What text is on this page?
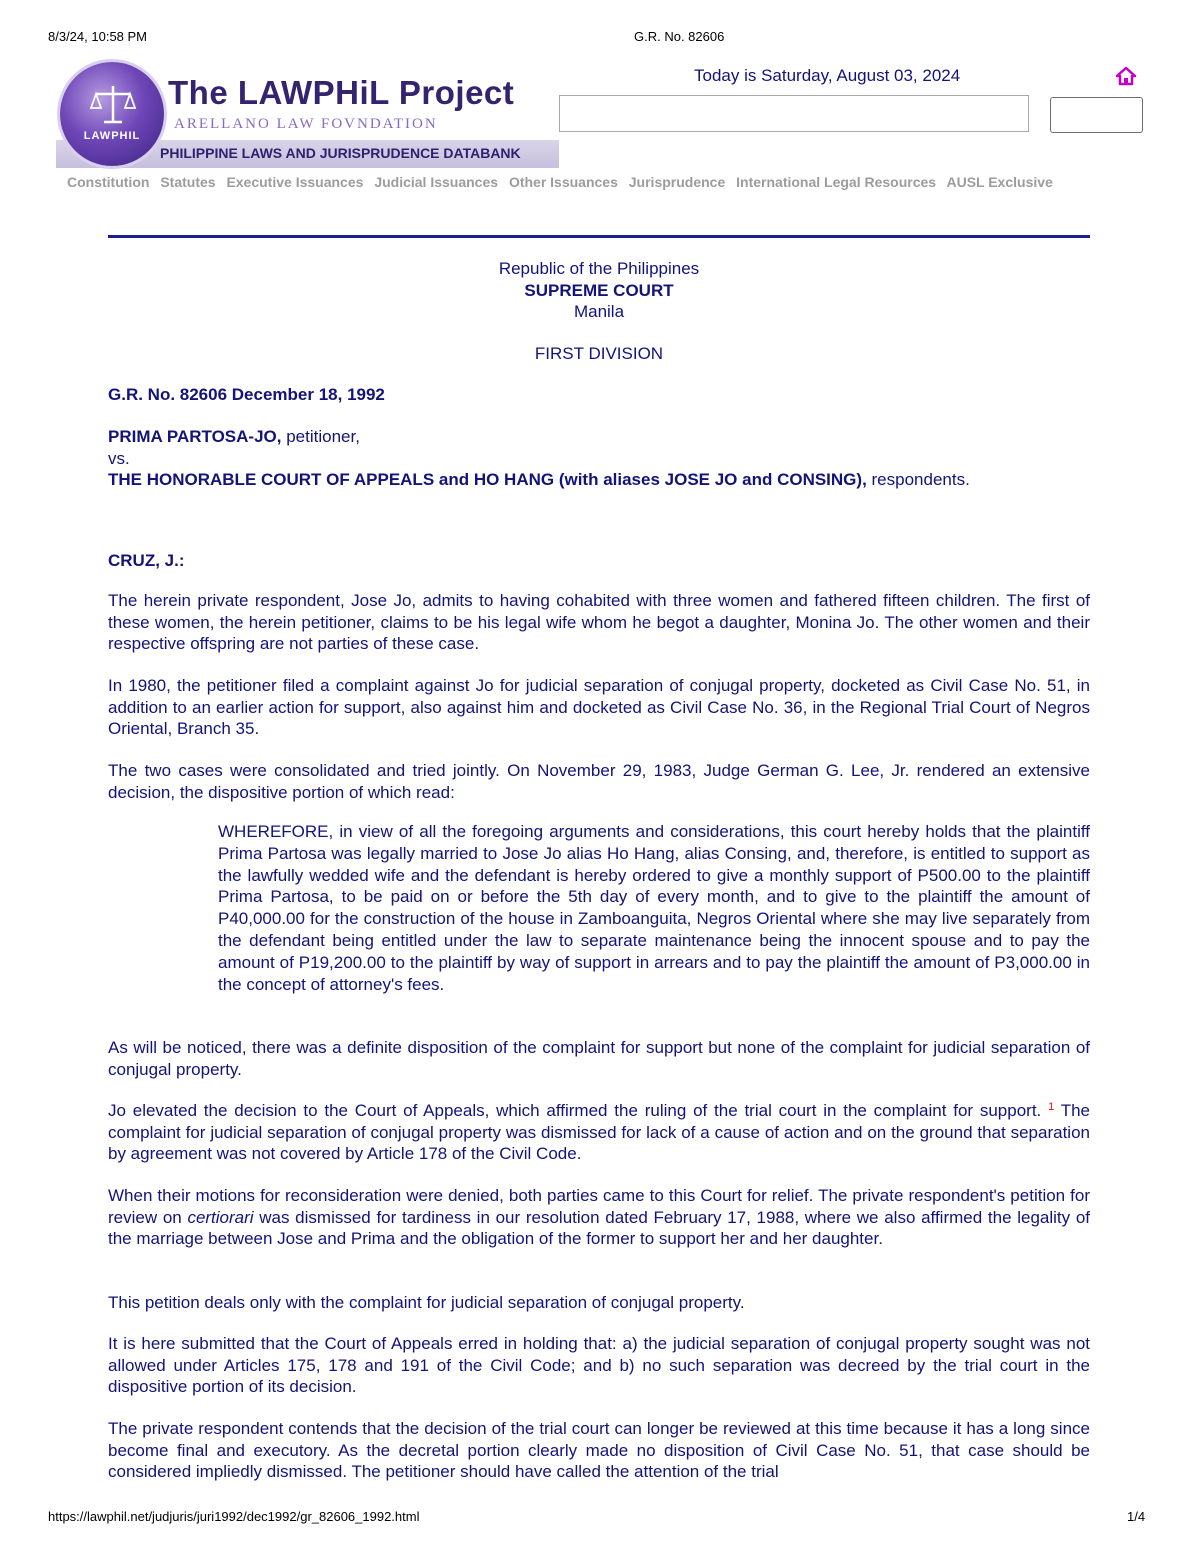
8/3/24, 10:58 PM	G.R. No. 82606
https://lawphil.net/judjuris/juri1992/dec1992/gr_82606_1992.html	1/4
LAWPHIL
The LAWPHiL Project
ARELLANO LAW FOVNDATION
PHILIPPINE LAWS AND JURISPRUDENCE DATABANK
Today is Saturday, August 03, 2024
Constitution Statutes Executive Issuances Judicial Issuances Other Issuances Jurisprudence International Legal Resources AUSL Exclusive
Republic of the Philippines
SUPREME COURT
Manila
FIRST DIVISION
G.R. No. 82606 December 18, 1992
PRIMA PARTOSA-JO, petitioner,
vs.
THE HONORABLE COURT OF APPEALS and HO HANG (with aliases JOSE JO and CONSING), respondents.
CRUZ, J.:

The herein private respondent, Jose Jo, admits to having cohabited with three women and fathered fifteen children. The first of these women, the herein petitioner, claims to be his legal wife whom he begot a daughter, Monina Jo. The other women and their respective offspring are not parties of these case.

In 1980, the petitioner filed a complaint against Jo for judicial separation of conjugal property, docketed as Civil Case No. 51, in addition to an earlier action for support, also against him and docketed as Civil Case No. 36, in the Regional Trial Court of Negros Oriental, Branch 35.

The two cases were consolidated and tried jointly. On November 29, 1983, Judge German G. Lee, Jr. rendered an extensive decision, the dispositive portion of which read:

WHEREFORE, in view of all the foregoing arguments and considerations, this court hereby holds that the plaintiff Prima Partosa was legally married to Jose Jo alias Ho Hang, alias Consing, and, therefore, is entitled to support as the lawfully wedded wife and the defendant is hereby ordered to give a monthly support of P500.00 to the plaintiff Prima Partosa, to be paid on or before the 5th day of every month, and to give to the plaintiff the amount of P40,000.00 for the construction of the house in Zamboanguita, Negros Oriental where she may live separately from the defendant being entitled under the law to separate maintenance being the innocent spouse and to pay the amount of P19,200.00 to the plaintiff by way of support in arrears and to pay the plaintiff the amount of P3,000.00 in the concept of attorney's fees.

As will be noticed, there was a definite disposition of the complaint for support but none of the complaint for judicial separation of conjugal property.

Jo elevated the decision to the Court of Appeals, which affirmed the ruling of the trial court in the complaint for support. $^1$ The complaint for judicial separation of conjugal property was dismissed for lack of a cause of action and on the ground that separation by agreement was not covered by Article 178 of the Civil Code.

When their motions for reconsideration were denied, both parties came to this Court for relief. The private respondent's petition for review on certiorari was dismissed for tardiness in our resolution dated February 17, 1988, where we also affirmed the legality of the marriage between Jose and Prima and the obligation of the former to support her and her daughter.

This petition deals only with the complaint for judicial separation of conjugal property.

It is here submitted that the Court of Appeals erred in holding that: a) the judicial separation of conjugal property sought was not allowed under Articles 175, 178 and 191 of the Civil Code; and b) no such separation was decreed by the trial court in the dispositive portion of its decision.

The private respondent contends that the decision of the trial court can longer be reviewed at this time because it has a long since become final and executory. As the decretal portion clearly made no disposition of Civil Case No. 51, that case should be considered impliedly dismissed. The petitioner should have called the attention of the trial
